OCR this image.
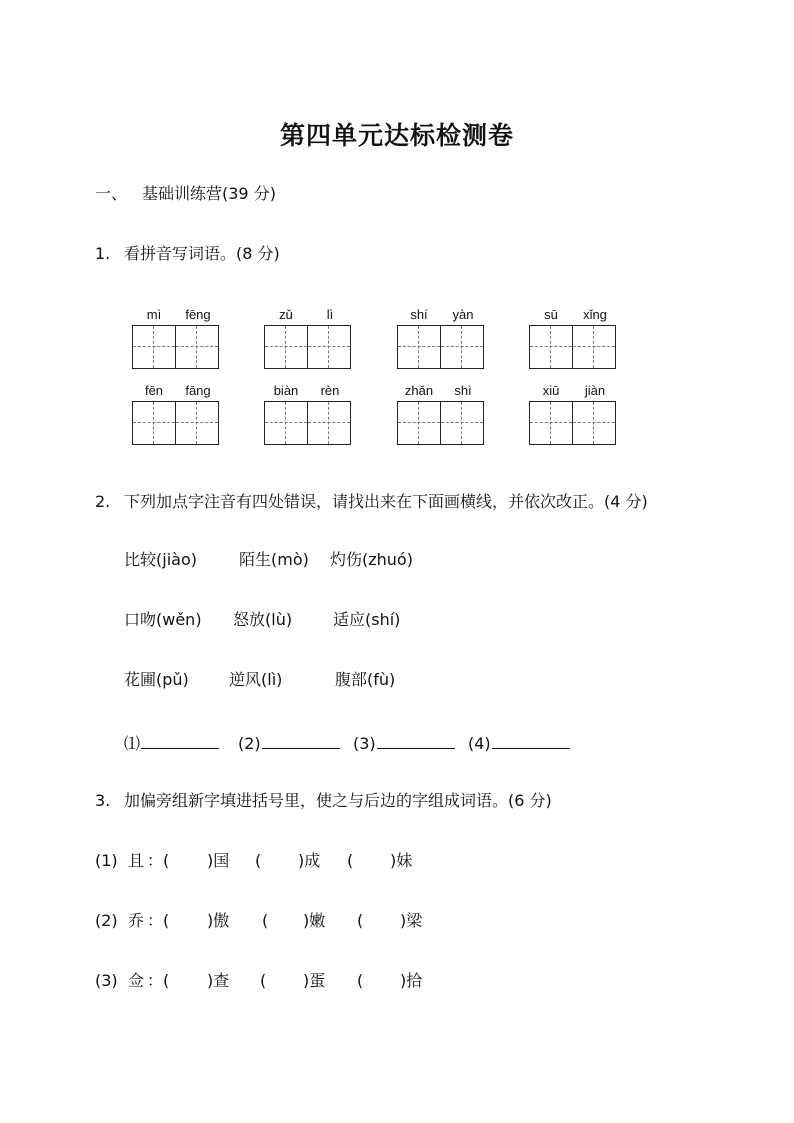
第四单元达标检测卷
一、 基础训练营(39 分)
1. 看拼音写词语。(8 分)
mì	fēng	zǔ	lì	shí	yàn	sū	xǐng
fēn	fāng	biàn	rèn	zhǎn	shì	xiū	jiàn
2. 下列加点字注音有四处错误，请找出来在下面画横线，并依次改正。(4 分)
比较(jiào)	陌生(mò) 灼伤(zhuó)
口吻(wěn) 怒放(lù)	适应(shí)
花圃(pǔ)	逆风(lì)	腹部(fù)
⑴	(2)	(3)	(4)
3. 加偏旁组新字填进括号里，使之与后边的字组成词语。(6 分)
(1) 且 ：( )国 ( )成 ( )妹
(2) 乔 ：( )傲 ( )嫩 ( )梁
(3) 佥 ：( )查 ( )蛋 ( )拾
